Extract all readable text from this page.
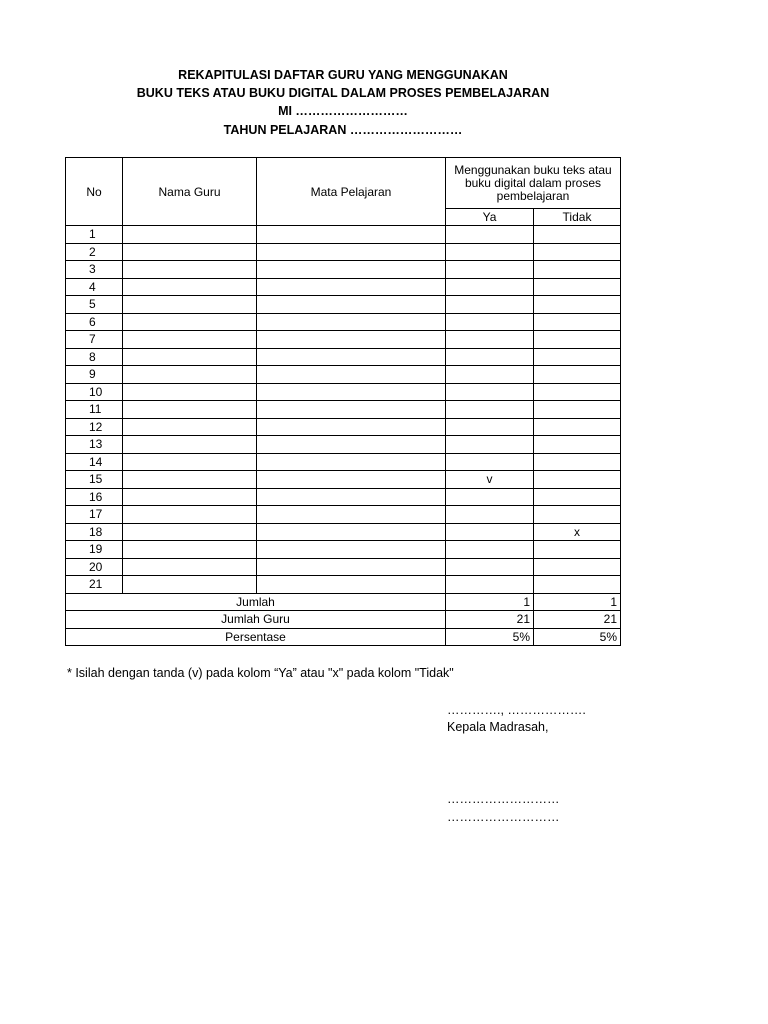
REKAPITULASI DAFTAR GURU YANG MENGGUNAKAN
BUKU TEKS ATAU BUKU DIGITAL DALAM PROSES PEMBELAJARAN
MI ………………………
TAHUN PELAJARAN ………………………
No	Nama Guru	Mata Pelajaran	Menggunakan buku teks atau buku digital dalam proses pembelajaran	
			Ya	Tidak
1				
2				
3				
4				
5				
6				
7				
8				
9				
10				
11				
12				
13				
14				
15			v	
16				
17				
18				x
19				
20				
21				
Jumlah			1	1
Jumlah Guru			21	21
Persentase			5%	5%
* Isilah dengan tanda (v) pada kolom “Ya” atau "x" pada kolom "Tidak"
…………., ……………….
Kepala Madrasah,
………………………
………………………
